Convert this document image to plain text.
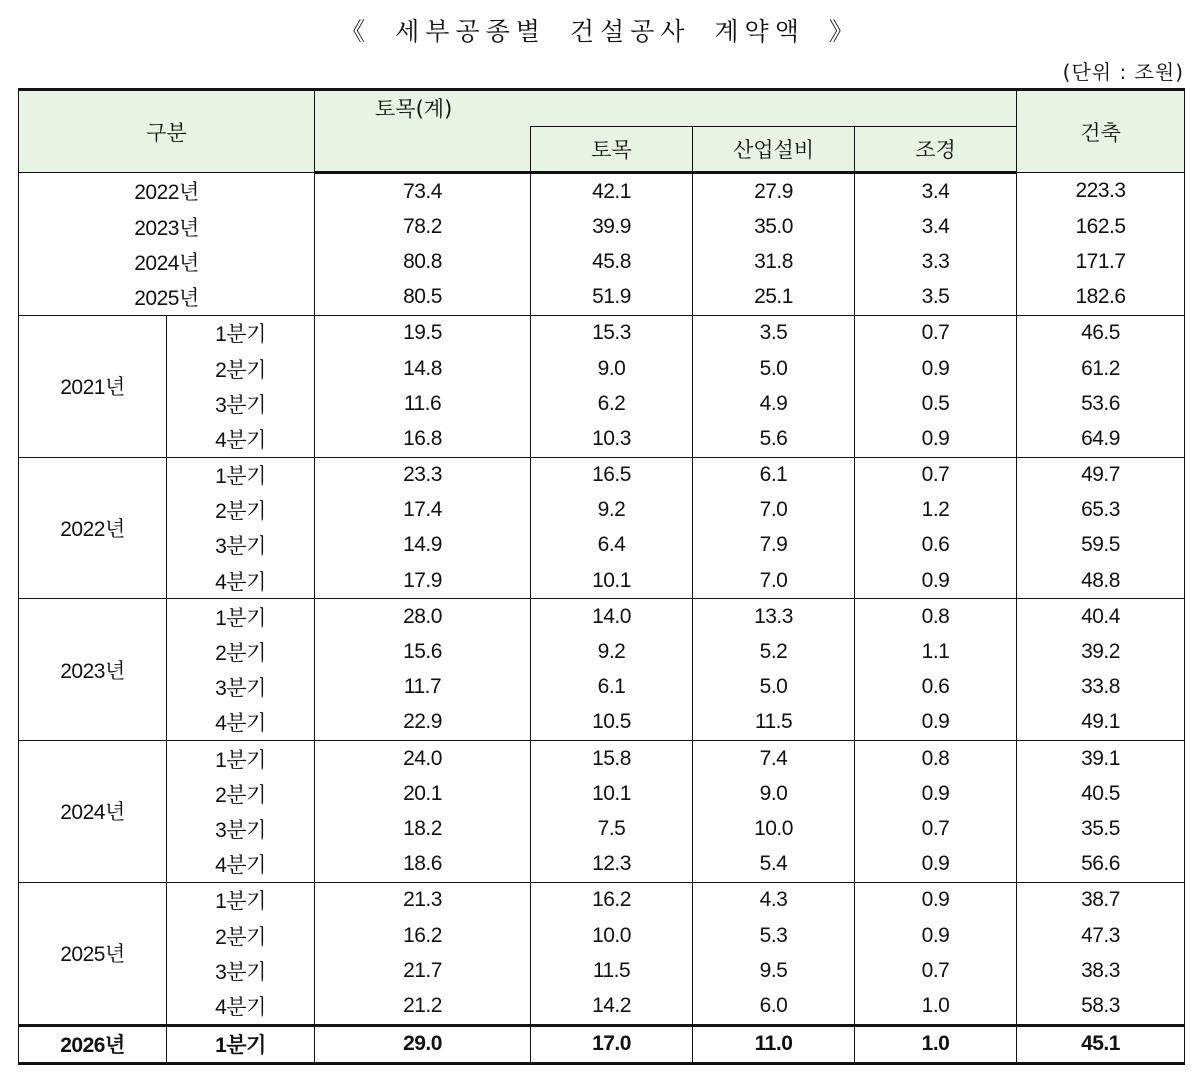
《 세부공종별 건설공사 계약액 》
(단위 : 조원)
구분		토목(계)				건축
			토목	산업설비	조경	
2022년		73.4	42.1	27.9	3.4	223.3
2023년		78.2	39.9	35.0	3.4	162.5
2024년		80.8	45.8	31.8	3.3	171.7
2025년		80.5	51.9	25.1	3.5	182.6
2021년	1분기	19.5	15.3	3.5	0.7	46.5
	2분기	14.8	9.0	5.0	0.9	61.2
	3분기	11.6	6.2	4.9	0.5	53.6
	4분기	16.8	10.3	5.6	0.9	64.9
2022년	1분기	23.3	16.5	6.1	0.7	49.7
	2분기	17.4	9.2	7.0	1.2	65.3
	3분기	14.9	6.4	7.9	0.6	59.5
	4분기	17.9	10.1	7.0	0.9	48.8
2023년	1분기	28.0	14.0	13.3	0.8	40.4
	2분기	15.6	9.2	5.2	1.1	39.2
	3분기	11.7	6.1	5.0	0.6	33.8
	4분기	22.9	10.5	11.5	0.9	49.1
2024년	1분기	24.0	15.8	7.4	0.8	39.1
	2분기	20.1	10.1	9.0	0.9	40.5
	3분기	18.2	7.5	10.0	0.7	35.5
	4분기	18.6	12.3	5.4	0.9	56.6
2025년	1분기	21.3	16.2	4.3	0.9	38.7
	2분기	16.2	10.0	5.3	0.9	47.3
	3분기	21.7	11.5	9.5	0.7	38.3
	4분기	21.2	14.2	6.0	1.0	58.3
2026년	1분기	29.0	17.0	11.0	1.0	45.1
